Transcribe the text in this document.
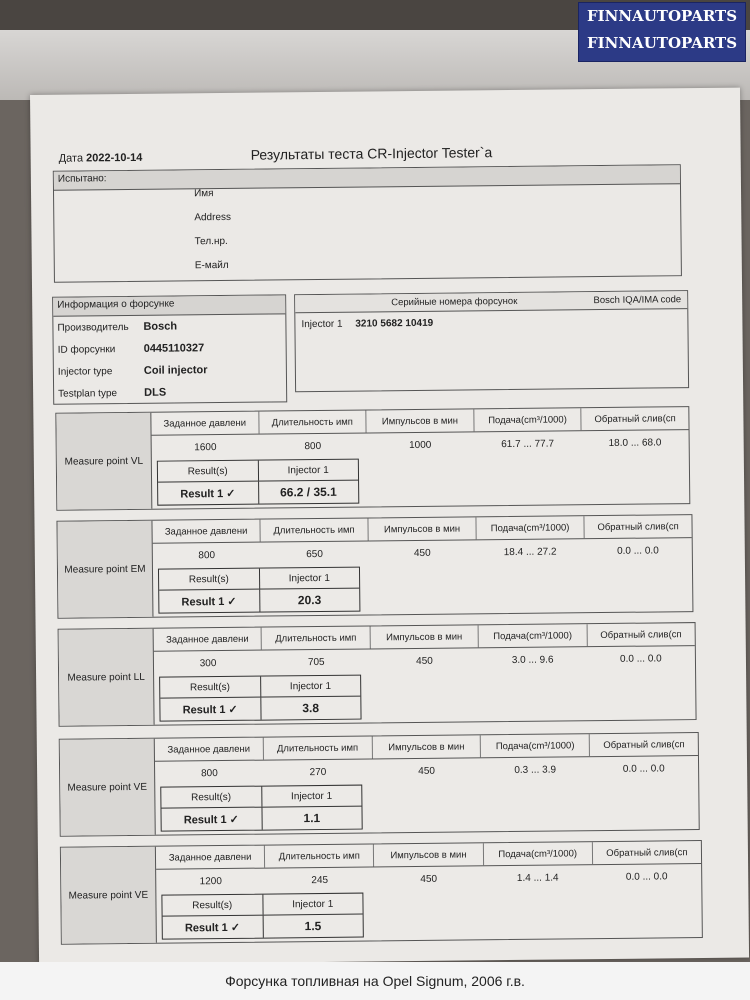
FINNAUTOPARTS
FINNAUTOPARTS
Дата 2022-10-14	Результаты теста CR-Injector Tester`a
Испытано:
Имя
Address
Тел.нр.
Е-майл
Информация о форсунке
Производитель	Bosch
ID форсунки	0445110327
Injector type	Coil injector
Testplan type	DLS
Серийные номера форсунок	Bosch IQA/IMA code
Injector 1 3210 5682 10419
Measure point VL
Заданное давлени	Длительность имп	Импульсов в мин	Подача(cm³/1000)	Обратный слив(сп
1600	800	1000	61.7 ... 77.7	18.0 ... 68.0
Result(s)	Injector 1
Result 1 ✓	66.2 / 35.1
Measure point EM
Заданное давлени	Длительность имп	Импульсов в мин	Подача(cm³/1000)	Обратный слив(сп
800	650	450	18.4 ... 27.2	0.0 ... 0.0
Result(s)	Injector 1
Result 1 ✓	20.3
Measure point LL
Заданное давлени	Длительность имп	Импульсов в мин	Подача(cm³/1000)	Обратный слив(сп
300	705	450	3.0 ... 9.6	0.0 ... 0.0
Result(s)	Injector 1
Result 1 ✓	3.8
Measure point VE
Заданное давлени	Длительность имп	Импульсов в мин	Подача(cm³/1000)	Обратный слив(сп
800	270	450	0.3 ... 3.9	0.0 ... 0.0
Result(s)	Injector 1
Result 1 ✓	1.1
Measure point VE
Заданное давлени	Длительность имп	Импульсов в мин	Подача(cm³/1000)	Обратный слив(сп
1200	245	450	1.4 ... 1.4	0.0 ... 0.0
Result(s)	Injector 1
Result 1 ✓	1.5
Форсунка топливная на Opel Signum, 2006 г.в.
